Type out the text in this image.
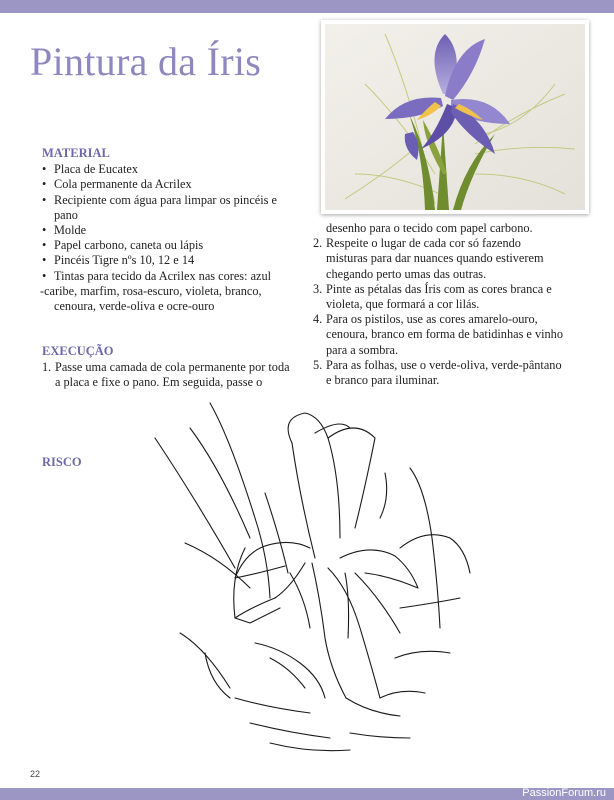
Pintura da Íris
MATERIAL
• Placa de Eucatex
• Cola permanente da Acrilex
• Recipiente com água para limpar os pincéis e pano
• Molde
• Papel carbono, caneta ou lápis
• Pincéis Tigre nºs 10, 12 e 14
• Tintas para tecido da Acrilex nas cores: azul
-caribe, marfim, rosa-escuro, violeta, branco, cenoura, verde-oliva e ocre-ouro
EXECUÇÃO
1. Passe uma camada de cola permanente por toda a placa e fixe o pano. Em seguida, passe o
desenho para o tecido com papel carbono.
2. Respeite o lugar de cada cor só fazendo misturas para dar nuances quando estiverem chegando perto umas das outras.
3. Pinte as pétalas das Íris com as cores branca e violeta, que formará a cor lilás.
4. Para os pistilos, use as cores amarelo-ouro, cenoura, branco em forma de batidinhas e vinho para a sombra.
5. Para as folhas, use o verde-oliva, verde-pântano e branco para iluminar.
RISCO
22
PassionForum.ru
